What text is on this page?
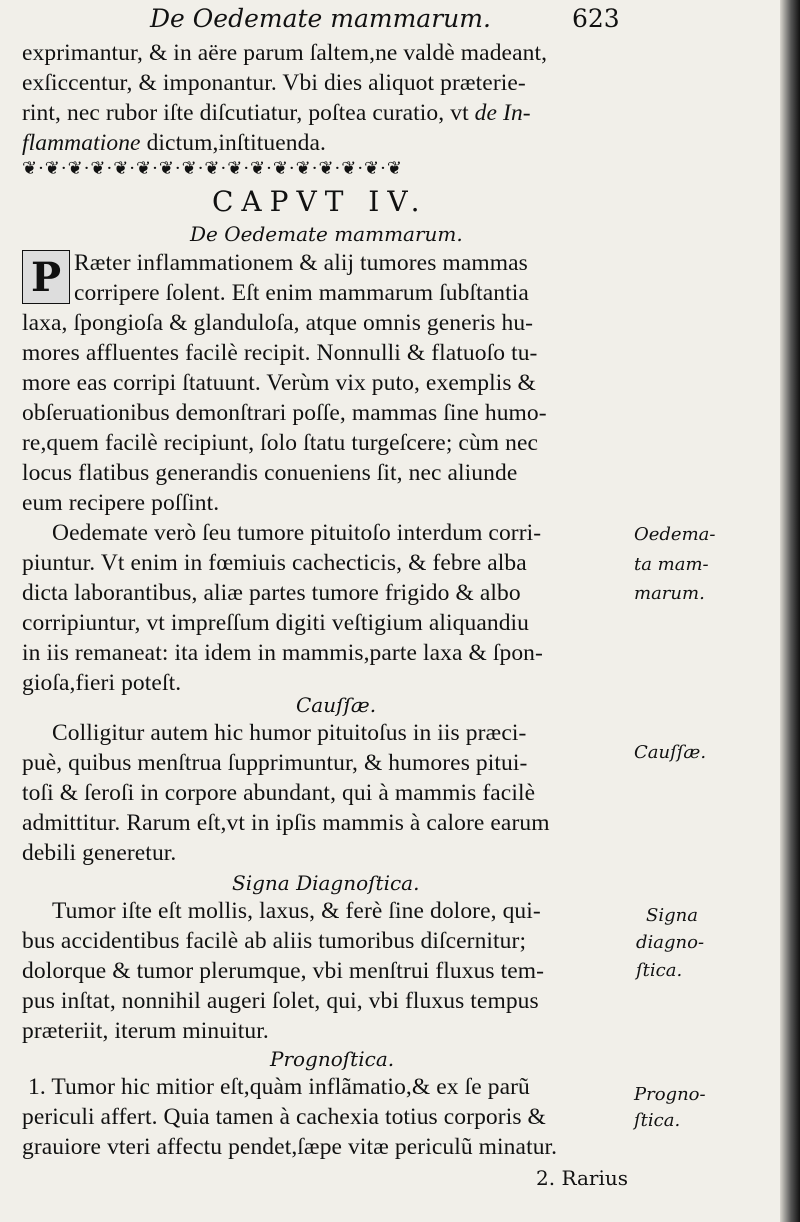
De Oedemate mammarum.	623
exprimantur, & in aëre parum ſaltem,ne valdè madeant,
exſiccentur, & imponantur. Vbi dies aliquot prӕterie-
rint, nec rubor iſte diſcutiatur, poſtea curatio, vt de In-
flammatione dictum,inſtituenda.
❦·❦·❦·❦·❦·❦·❦·❦·❦·❦·❦·❦·❦·❦·❦·❦·❦
CAPVT IV.
De Oedemate mammarum.
P Ræter inflammationem & alij tumores mammas
corripere ſolent. Eſt enim mammarum ſubſtantia
laxa, ſpongioſa & glanduloſa, atque omnis generis hu-
mores affluentes facilè recipit. Nonnulli & flatuoſo tu-
more eas corripi ſtatuunt. Verùm vix puto, exemplis &
obſeruationibus demonſtrari poſſe, mammas ſine humo-
re,quem facilè recipiunt, ſolo ſtatu turgeſcere; cùm nec
locus flatibus generandis conueniens ſit, nec aliunde
eum recipere poſſint.
Oedemate verò ſeu tumore pituitoſo interdum corri-
piuntur. Vt enim in fœmiuis cachecticis, & febre alba
dicta laborantibus, aliæ partes tumore frigido & albo
corripiuntur, vt impreſſum digiti veſtigium aliquandiu
in iis remaneat: ita idem in mammis,parte laxa & ſpon-
gioſa,fieri poteſt.
Cauſſæ.
Colligitur autem hic humor pituitoſus in iis præci-
puè, quibus menſtrua ſupprimuntur, & humores pitui-
toſi & ſeroſi in corpore abundant, qui à mammis facilè
admittitur. Rarum eſt,vt in ipſis mammis à calore earum
debili generetur.
Signa Diagnoſtica.
Tumor iſte eſt mollis, laxus, & ferè ſine dolore, qui-
bus accidentibus facilè ab aliis tumoribus diſcernitur;
dolorque & tumor plerumque, vbi menſtrui fluxus tem-
pus inſtat, nonnihil augeri ſolet, qui, vbi fluxus tempus
præteriit, iterum minuitur.
Prognoſtica.
1. Tumor hic mitior eſt,quàm inflãmatio,& ex ſe parũ
periculi affert. Quia tamen à cachexia totius corporis &
grauiore vteri affectu pendet,ſæpe vitæ periculũ minatur.
2. Rarius
Oedema-
ta mam-
marum.
Cauſſæ.
Signa
diagno-
ſtica.
Progno-
ſtica.
